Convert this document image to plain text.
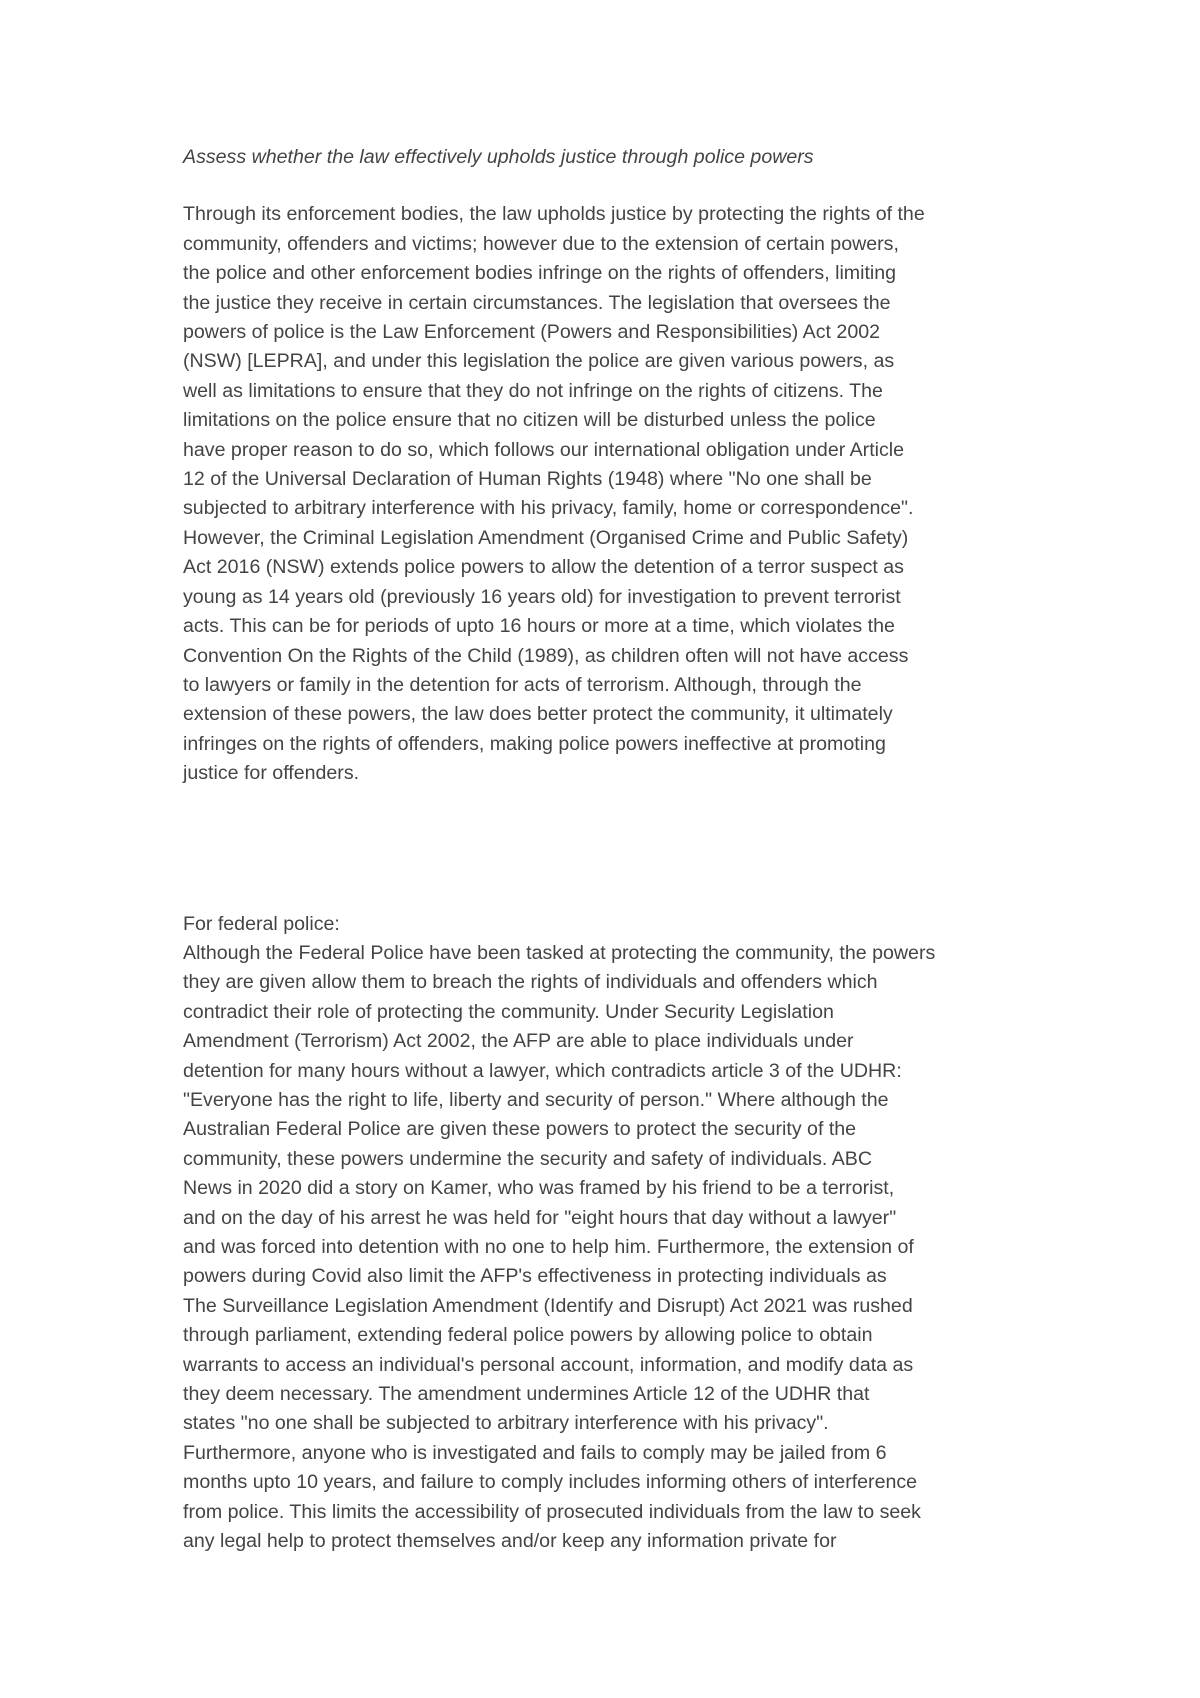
Assess whether the law effectively upholds justice through police powers

Through its enforcement bodies, the law upholds justice by protecting the rights of the
community, offenders and victims; however due to the extension of certain powers,
the police and other enforcement bodies infringe on the rights of offenders, limiting
the justice they receive in certain circumstances. The legislation that oversees the
powers of police is the Law Enforcement (Powers and Responsibilities) Act 2002
(NSW) [LEPRA], and under this legislation the police are given various powers, as
well as limitations to ensure that they do not infringe on the rights of citizens. The
limitations on the police ensure that no citizen will be disturbed unless the police
have proper reason to do so, which follows our international obligation under Article
12 of the Universal Declaration of Human Rights (1948) where "No one shall be
subjected to arbitrary interference with his privacy, family, home or correspondence".
However, the Criminal Legislation Amendment (Organised Crime and Public Safety)
Act 2016 (NSW) extends police powers to allow the detention of a terror suspect as
young as 14 years old (previously 16 years old) for investigation to prevent terrorist
acts. This can be for periods of upto 16 hours or more at a time, which violates the
Convention On the Rights of the Child (1989), as children often will not have access
to lawyers or family in the detention for acts of terrorism. Although, through the
extension of these powers, the law does better protect the community, it ultimately
infringes on the rights of offenders, making police powers ineffective at promoting
justice for offenders.

For federal police:

Although the Federal Police have been tasked at protecting the community, the powers
they are given allow them to breach the rights of individuals and offenders which
contradict their role of protecting the community. Under Security Legislation
Amendment (Terrorism) Act 2002, the AFP are able to place individuals under
detention for many hours without a lawyer, which contradicts article 3 of the UDHR:
"Everyone has the right to life, liberty and security of person." Where although the
Australian Federal Police are given these powers to protect the security of the
community, these powers undermine the security and safety of individuals. ABC
News in 2020 did a story on Kamer, who was framed by his friend to be a terrorist,
and on the day of his arrest he was held for "eight hours that day without a lawyer"
and was forced into detention with no one to help him. Furthermore, the extension of
powers during Covid also limit the AFP's effectiveness in protecting individuals as
The Surveillance Legislation Amendment (Identify and Disrupt) Act 2021 was rushed
through parliament, extending federal police powers by allowing police to obtain
warrants to access an individual's personal account, information, and modify data as
they deem necessary. The amendment undermines Article 12 of the UDHR that
states "no one shall be subjected to arbitrary interference with his privacy".
Furthermore, anyone who is investigated and fails to comply may be jailed from 6
months upto 10 years, and failure to comply includes informing others of interference
from police. This limits the accessibility of prosecuted individuals from the law to seek
any legal help to protect themselves and/or keep any information private for
